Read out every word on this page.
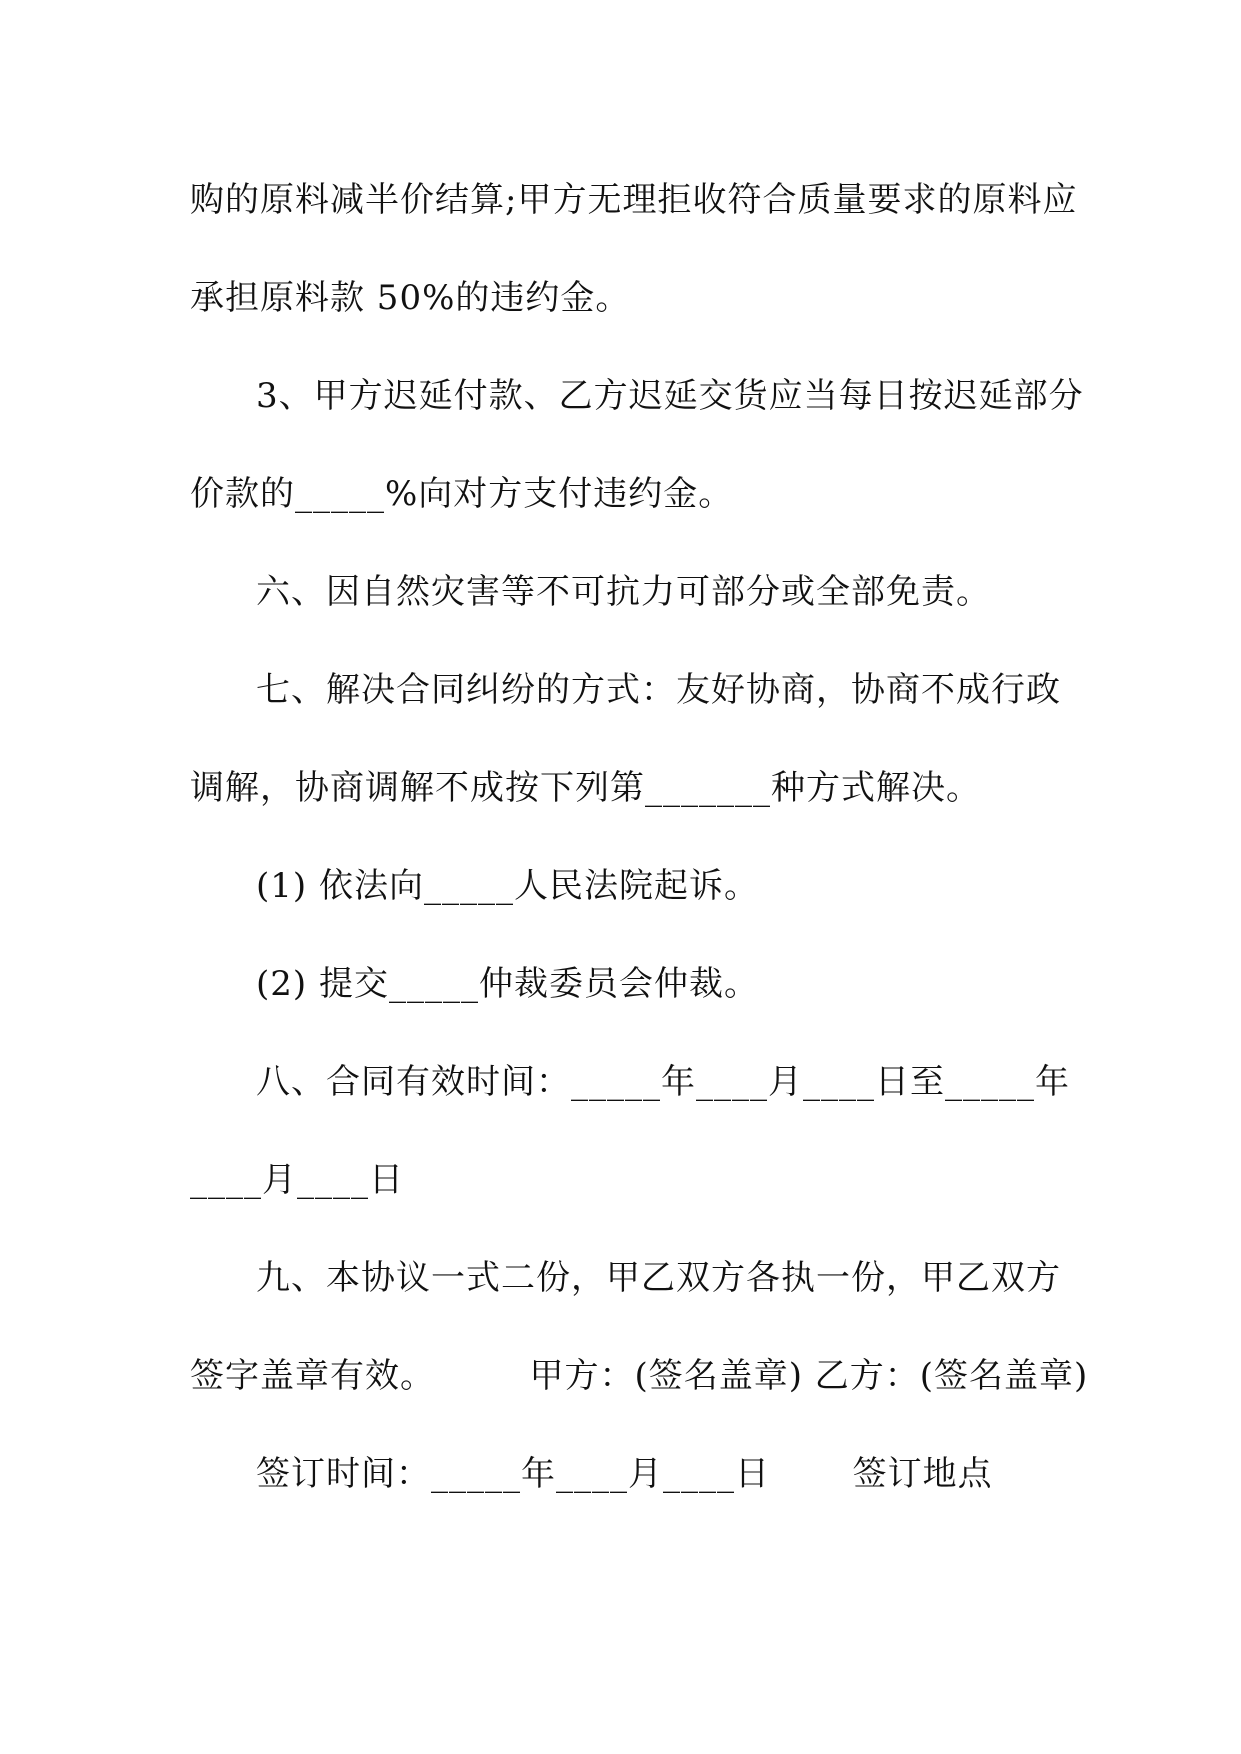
购的原料减半价结算;甲方无理拒收符合质量要求的原料应
承担原料款 50%的违约金。
3、甲方迟延付款、乙方迟延交货应当每日按迟延部分
价款的_____%向对方支付违约金。
六、因自然灾害等不可抗力可部分或全部免责。
七、解决合同纠纷的方式：友好协商，协商不成行政
调解，协商调解不成按下列第_______种方式解决。
(1) 依法向_____人民法院起诉。
(2) 提交_____仲裁委员会仲裁。
八、合同有效时间：_____年____月____日至_____年
____月____日
九、本协议一式二份，甲乙双方各执一份，甲乙双方
签字盖章有效。        甲方：(签名盖章) 乙方：(签名盖章)
签订时间：_____年____月____日       签订地点
